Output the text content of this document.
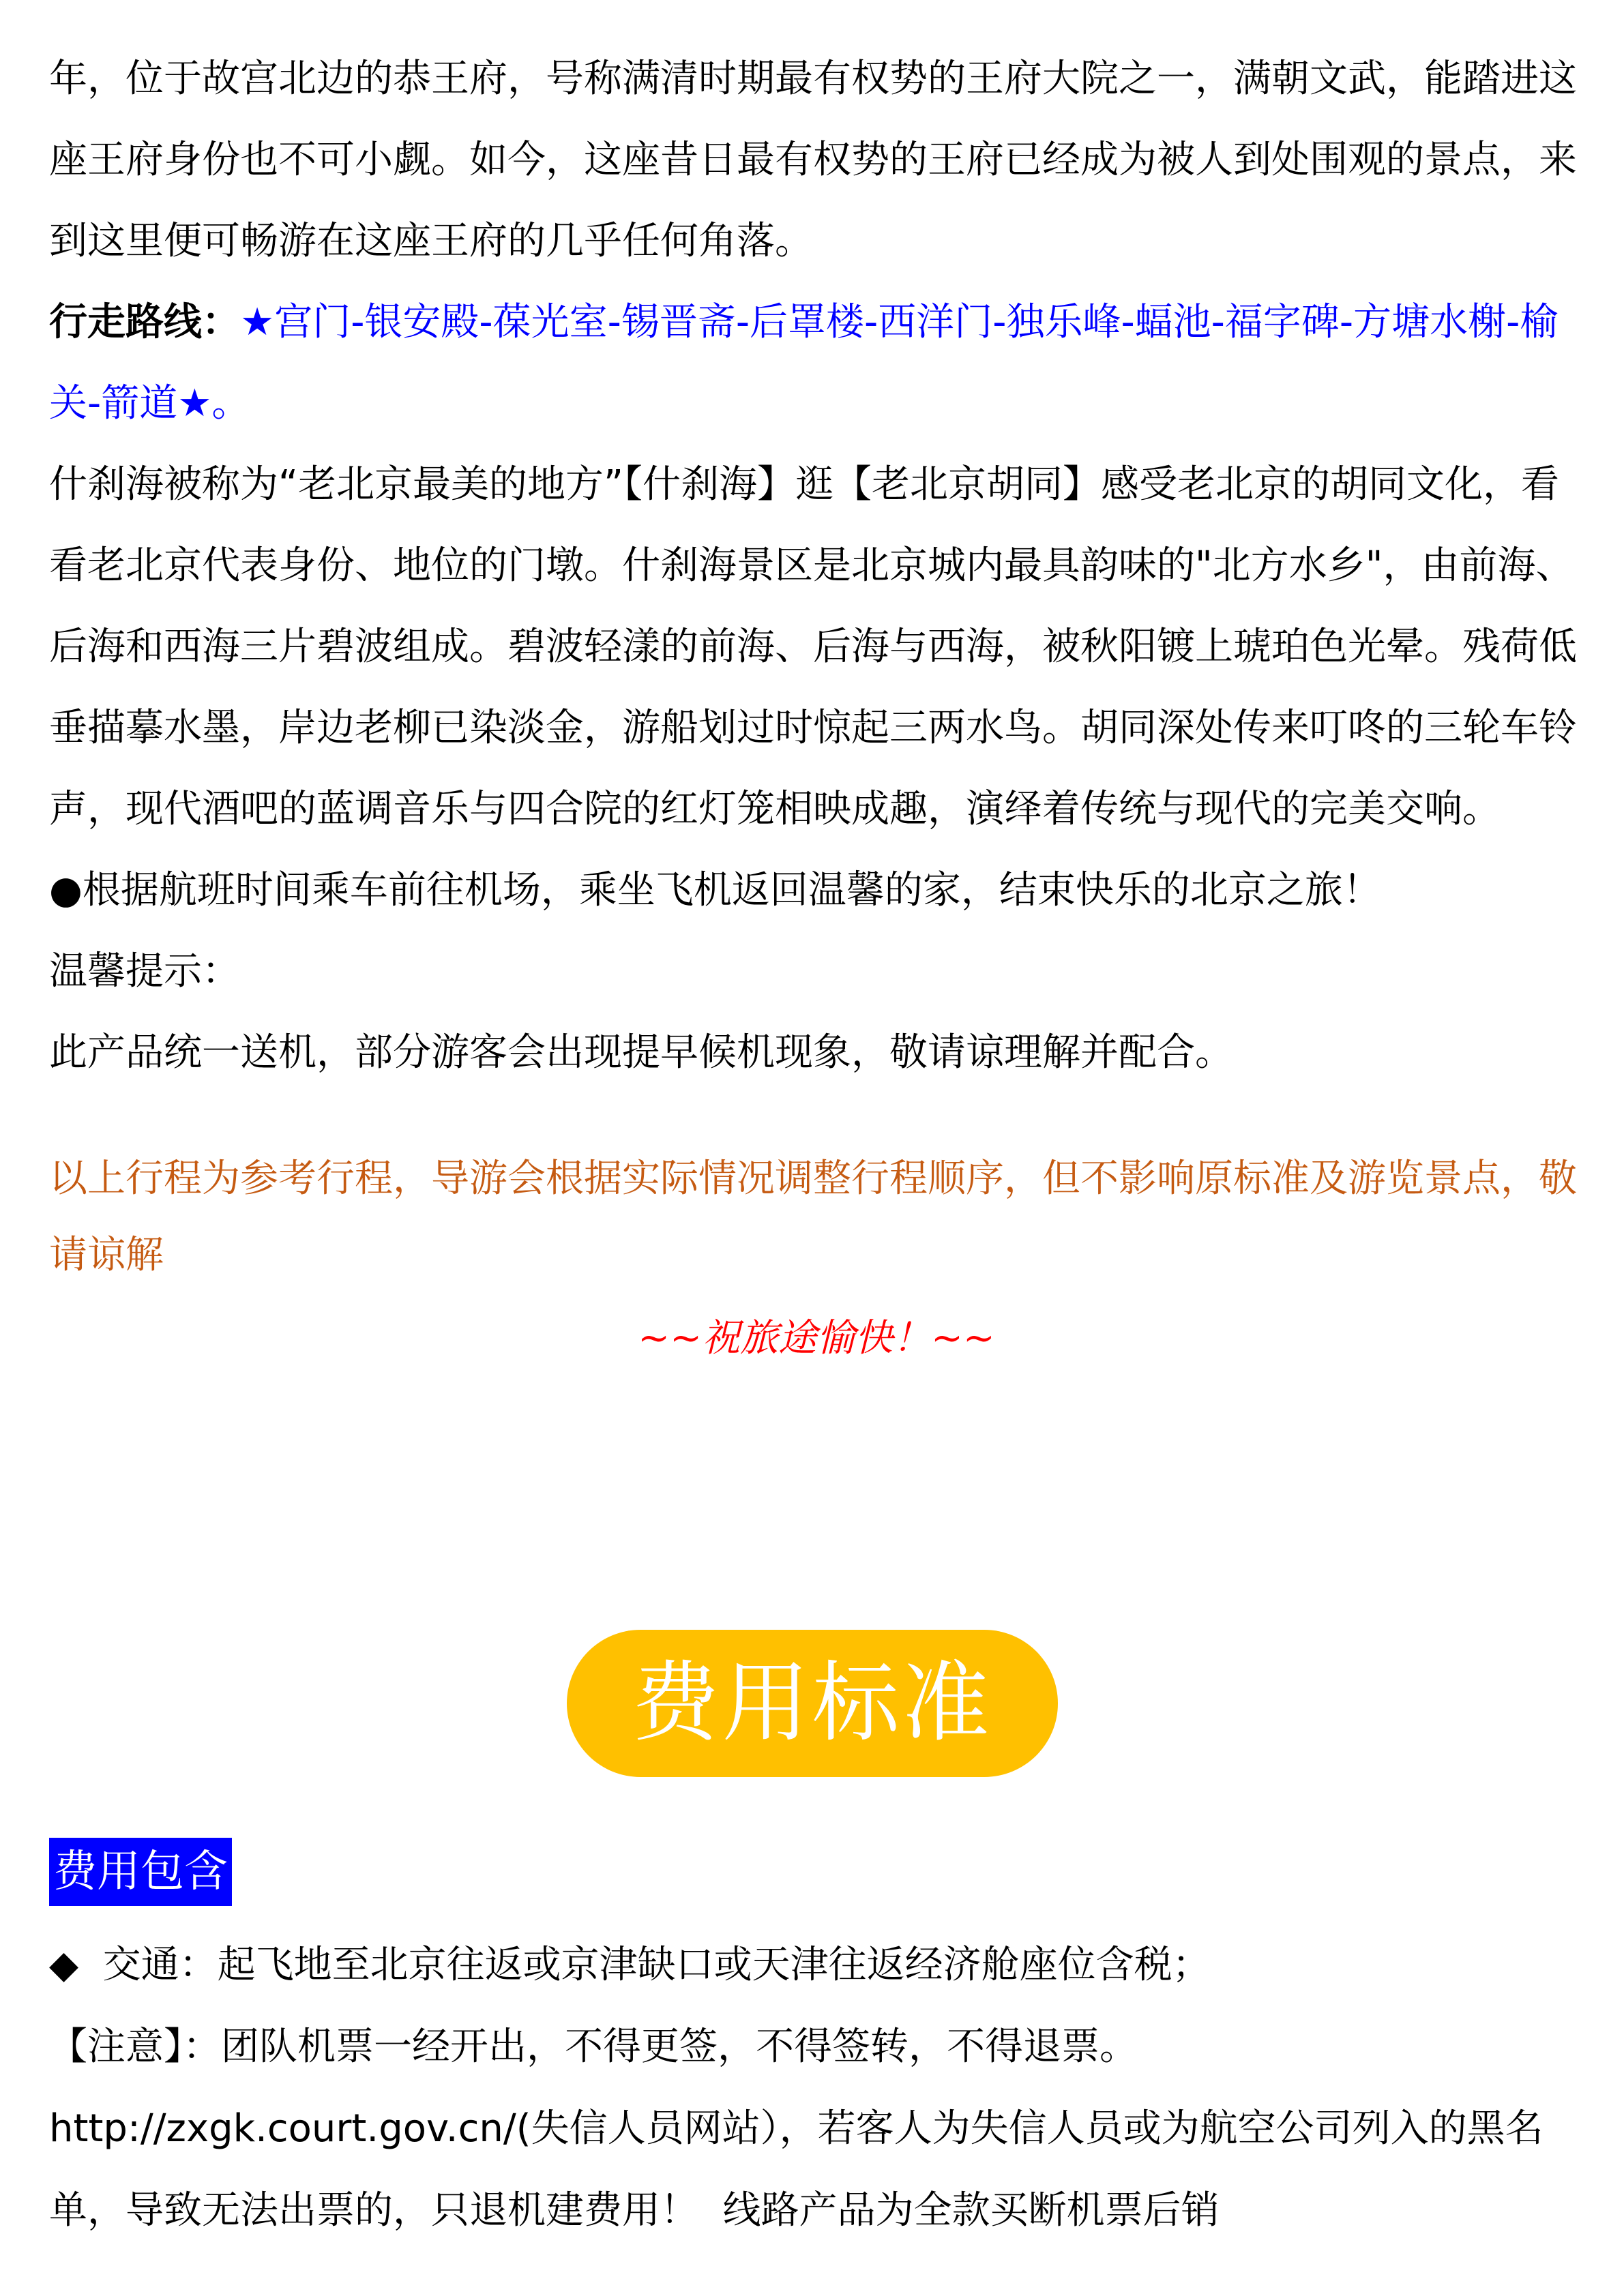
年，位于故宫北边的恭王府，号称满清时期最有权势的王府大院之一，满朝文武，能踏进这座王府身份也不可小觑。如今，这座昔日最有权势的王府已经成为被人到处围观的景点，来到这里便可畅游在这座王府的几乎任何角落。

行走路线：★宫门-银安殿-葆光室-锡晋斋-后罩楼-西洋门-独乐峰-蝠池-福字碑-方塘水榭-榆关-箭道★。

什刹海被称为“老北京最美的地方”【什刹海】逛【老北京胡同】感受老北京的胡同文化，看看老北京代表身份、地位的门墩。什刹海景区是北京城内最具韵味的"北方水乡"，由前海、后海和西海三片碧波组成。碧波轻漾的前海、后海与西海，被秋阳镀上琥珀色光晕。残荷低垂描摹水墨，岸边老柳已染淡金，游船划过时惊起三两水鸟。胡同深处传来叮咚的三轮车铃声，现代酒吧的蓝调音乐与四合院的红灯笼相映成趣，演绎着传统与现代的完美交响。

●根据航班时间乘车前往机场，乘坐飞机返回温馨的家，结束快乐的北京之旅！

温馨提示：

此产品统一送机，部分游客会出现提早候机现象，敬请谅理解并配合。

以上行程为参考行程，导游会根据实际情况调整行程顺序，但不影响原标准及游览景点，敬请谅解
~~祝旅途愉快！~~
费用标准
费用包含

◆  交通：起飞地至北京往返或京津缺口或天津往返经济舱座位含税；

【注意】：团队机票一经开出，不得更签，不得签转，不得退票。

http://zxgk.court.gov.cn/(失信人员网站），若客人为失信人员或为航空公司列入的黑名单，导致无法出票的，只退机建费用！  线路产品为全款买断机票后销
